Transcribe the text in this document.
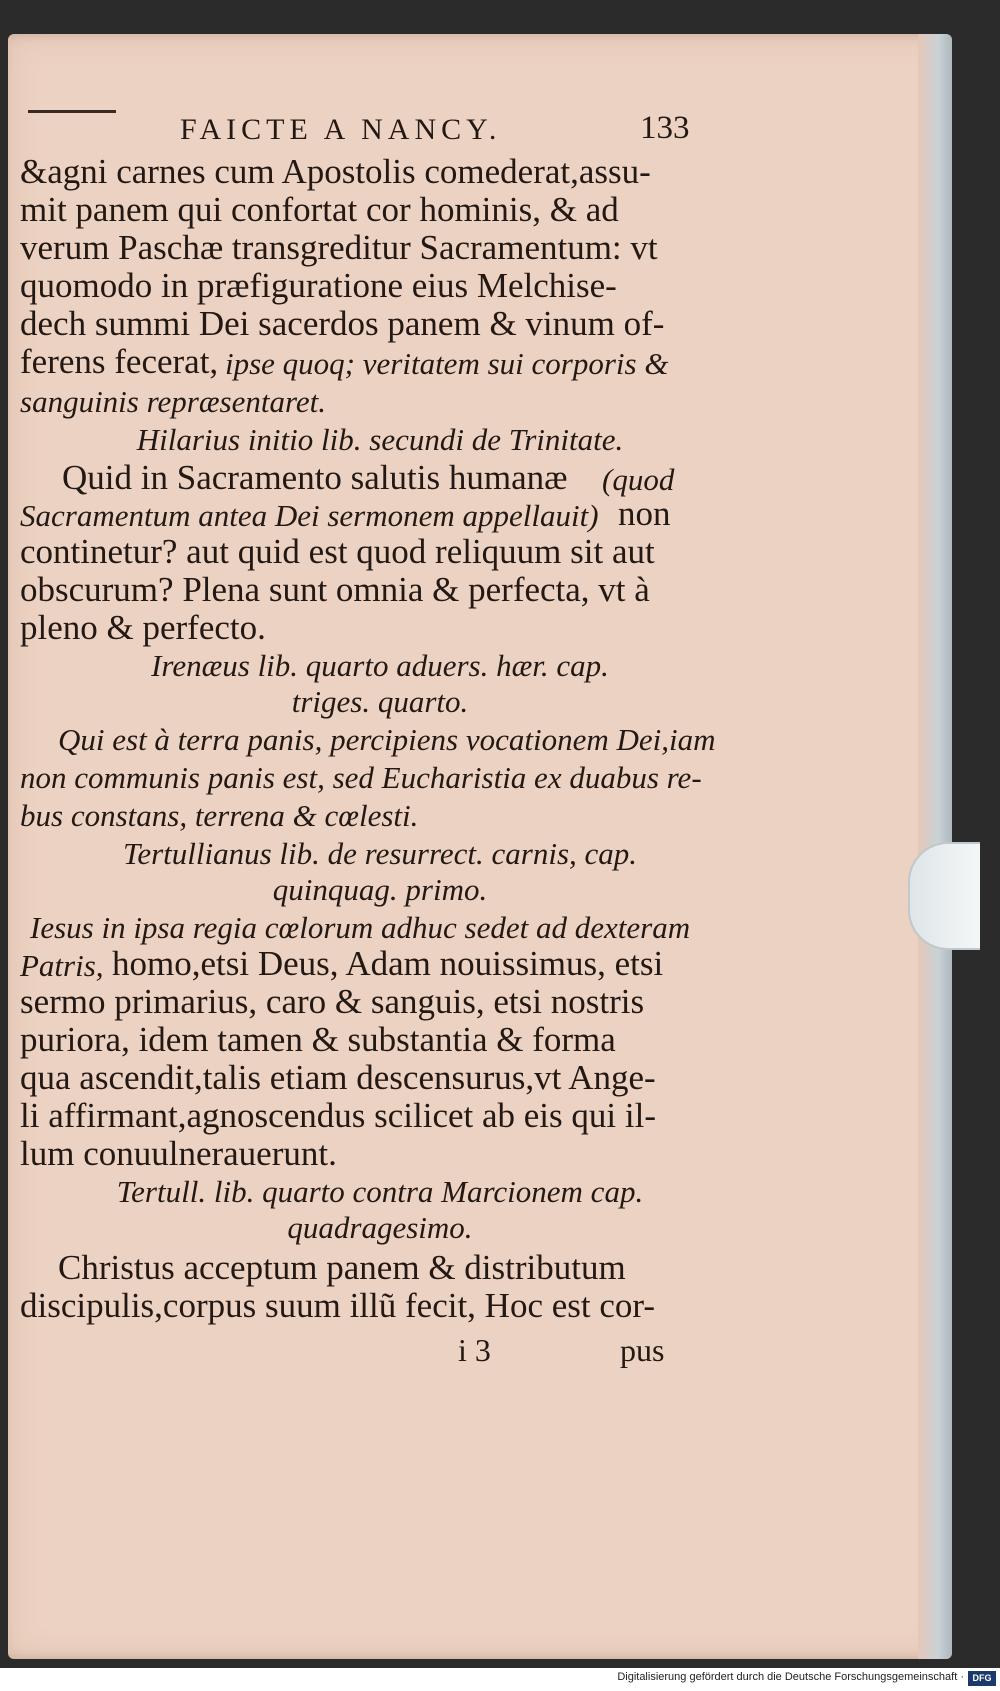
FAICTE A NANCY.	133
&agni carnes cum Apostolis comederat,assu-
mit panem qui confortat cor hominis, & ad
verum Paschæ transgreditur Sacramentum: vt
quomodo in præfiguratione eius Melchise-
dech summi Dei sacerdos panem & vinum of-
ferens fecerat, ipse quoq; veritatem sui corporis &
sanguinis repræsentaret.
Hilarius initio lib. secundi de Trinitate.
Quid in Sacramento salutis humanæ (quod
Sacramentum antea Dei sermonem appellauit) non
continetur? aut quid est quod reliquum sit aut
obscurum? Plena sunt omnia & perfecta, vt à
pleno & perfecto.
Irenæus lib. quarto aduers. hær. cap.
triges. quarto.
Qui est à terra panis, percipiens vocationem Dei,iam
non communis panis est, sed Eucharistia ex duabus re-
bus constans, terrena & cœlesti.
Tertullianus lib. de resurrect. carnis, cap.
quinquag. primo.
Iesus in ipsa regia cœlorum adhuc sedet ad dexteram
Patris, homo,etsi Deus, Adam nouissimus, etsi
sermo primarius, caro & sanguis, etsi nostris
puriora, idem tamen & substantia & forma
qua ascendit,talis etiam descensurus,vt Ange-
li affirmant,agnoscendus scilicet ab eis qui il-
lum conuulnerauerunt.
Tertull. lib. quarto contra Marcionem cap.
quadragesimo.
Christus acceptum panem & distributum
discipulis,corpus suum illũ fecit, Hoc est cor-
i 3	pus
Digitalisierung gefördert durch die Deutsche Forschungsgemeinschaft · DFG
